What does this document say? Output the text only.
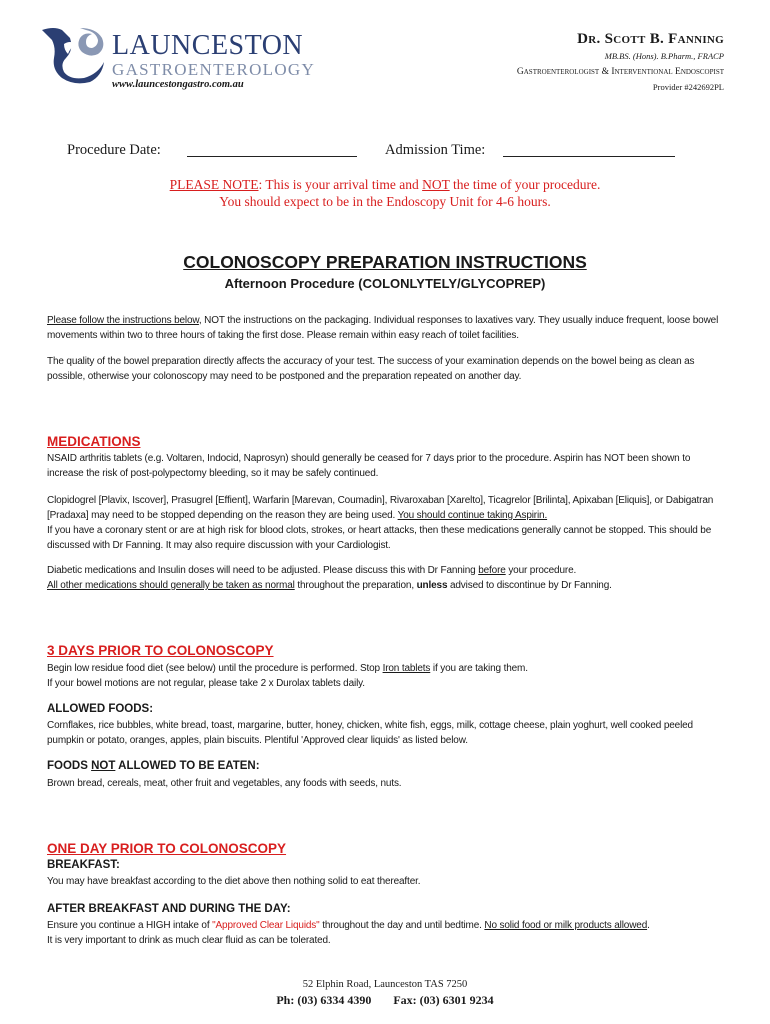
LAUNCESTON
GASTROENTEROLOGY
www.launcestongastro.com.au
Dr. Scott B. Fanning
MB.BS. (Hons). B.Pharm., FRACP
Gastroenterologist & Interventional Endoscopist
Provider #242692PL
Procedure Date:	Admission Time:
PLEASE NOTE: This is your arrival time and NOT the time of your procedure.
You should expect to be in the Endoscopy Unit for 4-6 hours.
COLONOSCOPY PREPARATION INSTRUCTIONS
Afternoon Procedure (COLONLYTELY/GLYCOPREP)
Please follow the instructions below, NOT the instructions on the packaging. Individual responses to laxatives vary. They usually induce frequent, loose bowel movements within two to three hours of taking the first dose. Please remain within easy reach of toilet facilities.
The quality of the bowel preparation directly affects the accuracy of your test. The success of your examination depends on the bowel being as clean as possible, otherwise your colonoscopy may need to be postponed and the preparation repeated on another day.
MEDICATIONS
NSAID arthritis tablets (e.g. Voltaren, Indocid, Naprosyn) should generally be ceased for 7 days prior to the procedure. Aspirin has NOT been shown to increase the risk of post-polypectomy bleeding, so it may be safely continued.
Clopidogrel [Plavix, Iscover], Prasugrel [Effient], Warfarin [Marevan, Coumadin], Rivaroxaban [Xarelto], Ticagrelor [Brilinta], Apixaban [Eliquis], or Dabigatran [Pradaxa] may need to be stopped depending on the reason they are being used. You should continue taking Aspirin.
If you have a coronary stent or are at high risk for blood clots, strokes, or heart attacks, then these medications generally cannot be stopped. This should be discussed with Dr Fanning. It may also require discussion with your Cardiologist.
Diabetic medications and Insulin doses will need to be adjusted. Please discuss this with Dr Fanning before your procedure.
All other medications should generally be taken as normal throughout the preparation, unless advised to discontinue by Dr Fanning.
3 DAYS PRIOR TO COLONOSCOPY
Begin low residue food diet (see below) until the procedure is performed. Stop Iron tablets if you are taking them.
If your bowel motions are not regular, please take 2 x Durolax tablets daily.
ALLOWED FOODS:
Cornflakes, rice bubbles, white bread, toast, margarine, butter, honey, chicken, white fish, eggs, milk, cottage cheese, plain yoghurt, well cooked peeled pumpkin or potato, oranges, apples, plain biscuits. Plentiful 'Approved clear liquids' as listed below.
FOODS NOT ALLOWED TO BE EATEN:
Brown bread, cereals, meat, other fruit and vegetables, any foods with seeds, nuts.
ONE DAY PRIOR TO COLONOSCOPY
BREAKFAST:
You may have breakfast according to the diet above then nothing solid to eat thereafter.
AFTER BREAKFAST AND DURING THE DAY:
Ensure you continue a HIGH intake of "Approved Clear Liquids" throughout the day and until bedtime. No solid food or milk products allowed.
It is very important to drink as much clear fluid as can be tolerated.
52 Elphin Road, Launceston TAS 7250
Ph: (03) 6334 4390 Fax: (03) 6301 9234
